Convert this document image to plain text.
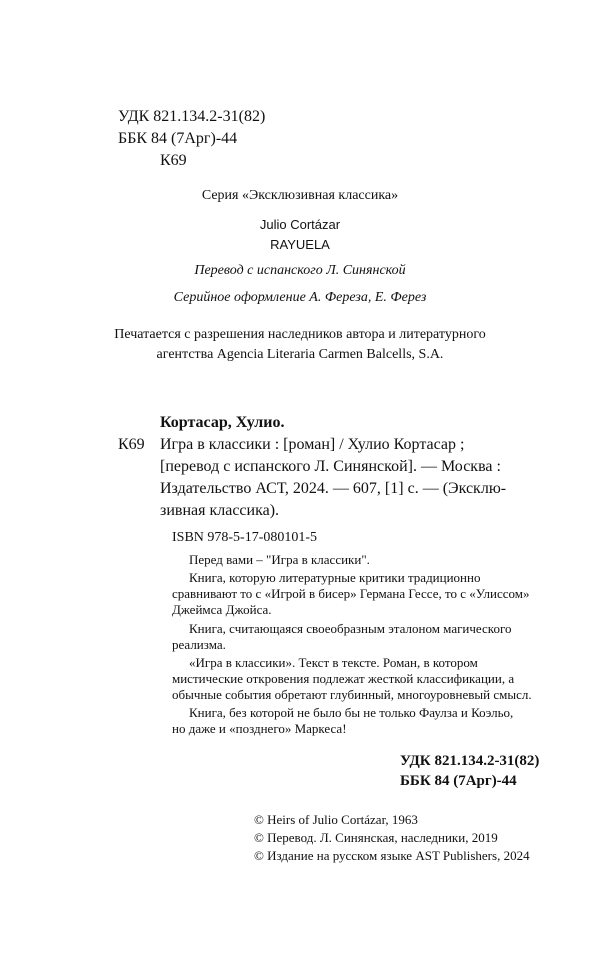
УДК 821.134.2-31(82)
ББК 84 (7Арг)-44
К69
Серия «Эксклюзивная классика»
Julio Cortázar
RAYUELA
Перевод с испанского Л. Синянской
Серийное оформление А. Фереза, Е. Ферез
Печатается с разрешения наследников автора и литературного
агентства Agencia Literaria Carmen Balcells, S.A.
Кортасар, Хулио.
К69 Игра в классики : [роман] / Хулио Кортасар ;
[перевод с испанского Л. Синянской]. — Москва :
Издательство АСТ, 2024. — 607, [1] с. — (Эксклю-
зивная классика).
ISBN 978-5-17-080101-5
Перед вами – "Игра в классики".
Книга, которую литературные критики традиционно
сравнивают то с «Игрой в бисер» Германа Гессе, то с «Улиссом»
Джеймса Джойса.
Книга, считающаяся своеобразным эталоном магического
реализма.
«Игра в классики». Текст в тексте. Роман, в котором
мистические откровения подлежат жесткой классификации, а
обычные события обретают глубинный, многоуровневый смысл.
Книга, без которой не было бы не только Фаулза и Коэльо,
но даже и «позднего» Маркеса!
УДК 821.134.2-31(82)
ББК 84 (7Арг)-44
© Heirs of Julio Cortázar, 1963
© Перевод. Л. Синянская, наследники, 2019
© Издание на русском языке AST Publishers, 2024
